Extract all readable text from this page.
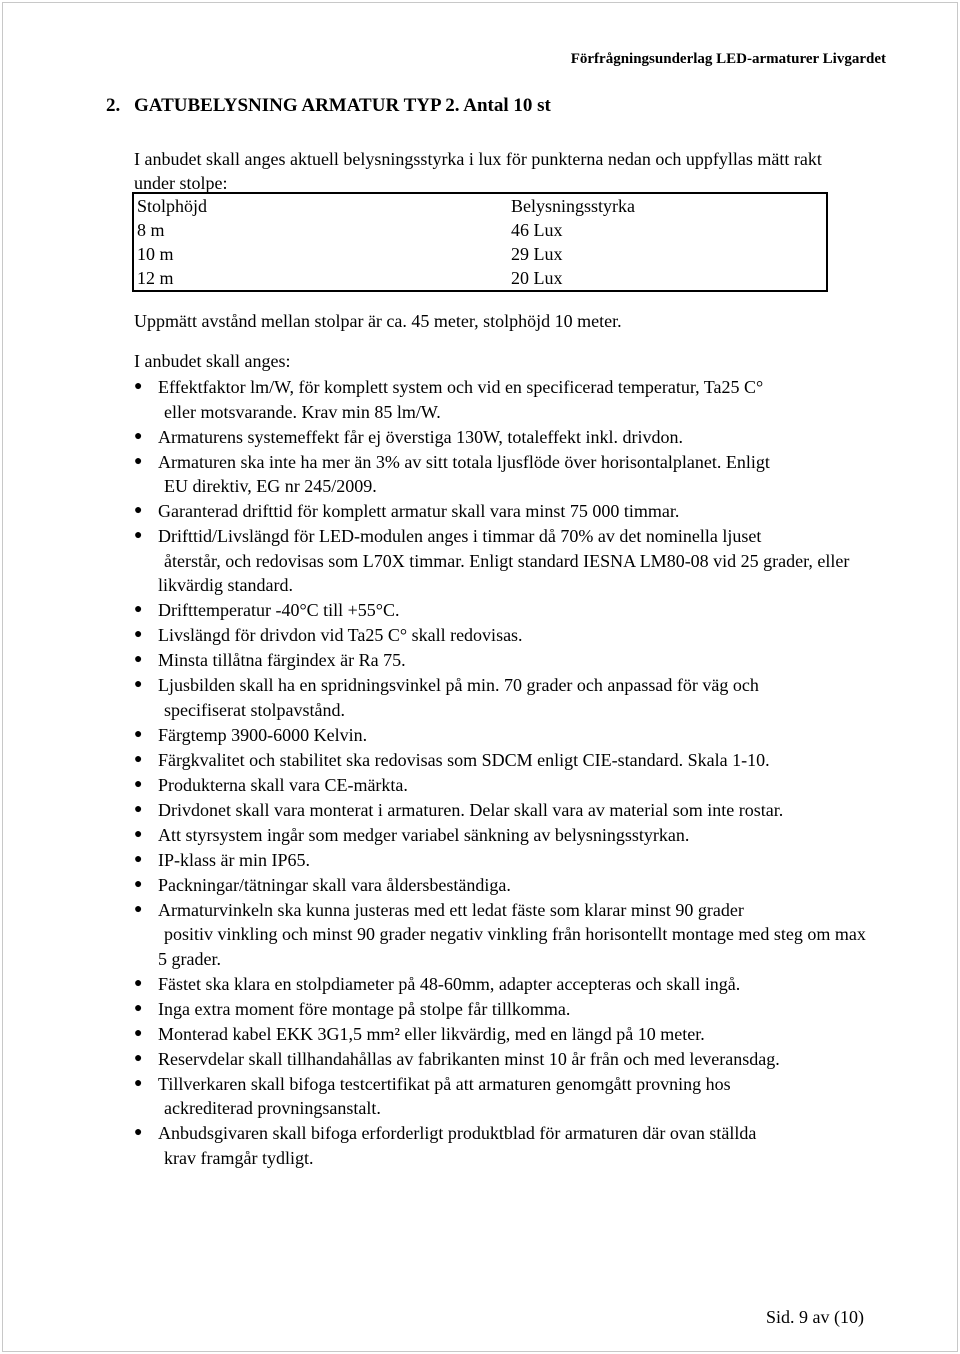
Förfrågningsunderlag LED-armaturer Livgardet
2. GATUBELYSNING ARMATUR TYP 2. Antal 10 st

I anbudet skall anges aktuell belysningsstyrka i lux för punkterna nedan och uppfyllas mätt rakt under stolpe:

Stolphöjd	Belysningsstyrka
8 m	46 Lux
10 m	29 Lux
12 m	20 Lux

Uppmätt avstånd mellan stolpar är ca. 45 meter, stolphöjd 10 meter.

I anbudet skall anges:

● Effektfaktor lm/W, för komplett system och vid en specificerad temperatur, Ta25 C°
eller motsvarande. Krav min 85 lm/W.
● Armaturens systemeffekt får ej överstiga 130W, totaleffekt inkl. drivdon.
● Armaturen ska inte ha mer än 3% av sitt totala ljusflöde över horisontalplanet. Enligt
EU direktiv, EG nr 245/2009.
● Garanterad drifttid för komplett armatur skall vara minst 75 000 timmar.
● Drifttid/Livslängd för LED-modulen anges i timmar då 70% av det nominella ljuset
återstår, och redovisas som L70X timmar. Enligt standard IESNA LM80-08 vid 25 grader, eller likvärdig standard.
● Drifttemperatur -40°C till +55°C.
● Livslängd för drivdon vid Ta25 C° skall redovisas.
● Minsta tillåtna färgindex är Ra 75.
● Ljusbilden skall ha en spridningsvinkel på min. 70 grader och anpassad för väg och
specifiserat stolpavstånd.
● Färgtemp 3900-6000 Kelvin.
● Färgkvalitet och stabilitet ska redovisas som SDCM enligt CIE-standard. Skala 1-10.
● Produkterna skall vara CE-märkta.
● Drivdonet skall vara monterat i armaturen. Delar skall vara av material som inte rostar.
● Att styrsystem ingår som medger variabel sänkning av belysningsstyrkan.
● IP-klass är min IP65.
● Packningar/tätningar skall vara åldersbeständiga.
● Armaturvinkeln ska kunna justeras med ett ledat fäste som klarar minst 90 grader
positiv vinkling och minst 90 grader negativ vinkling från horisontellt montage med steg om max 5 grader.
● Fästet ska klara en stolpdiameter på 48-60mm, adapter accepteras och skall ingå.
● Inga extra moment före montage på stolpe får tillkomma.
● Monterad kabel EKK 3G1,5 mm² eller likvärdig, med en längd på 10 meter.
● Reservdelar skall tillhandahållas av fabrikanten minst 10 år från och med leveransdag.
● Tillverkaren skall bifoga testcertifikat på att armaturen genomgått provning hos
ackrediterad provningsanstalt.
● Anbudsgivaren skall bifoga erforderligt produktblad för armaturen där ovan ställda
krav framgår tydligt.
Sid. 9 av (10)
